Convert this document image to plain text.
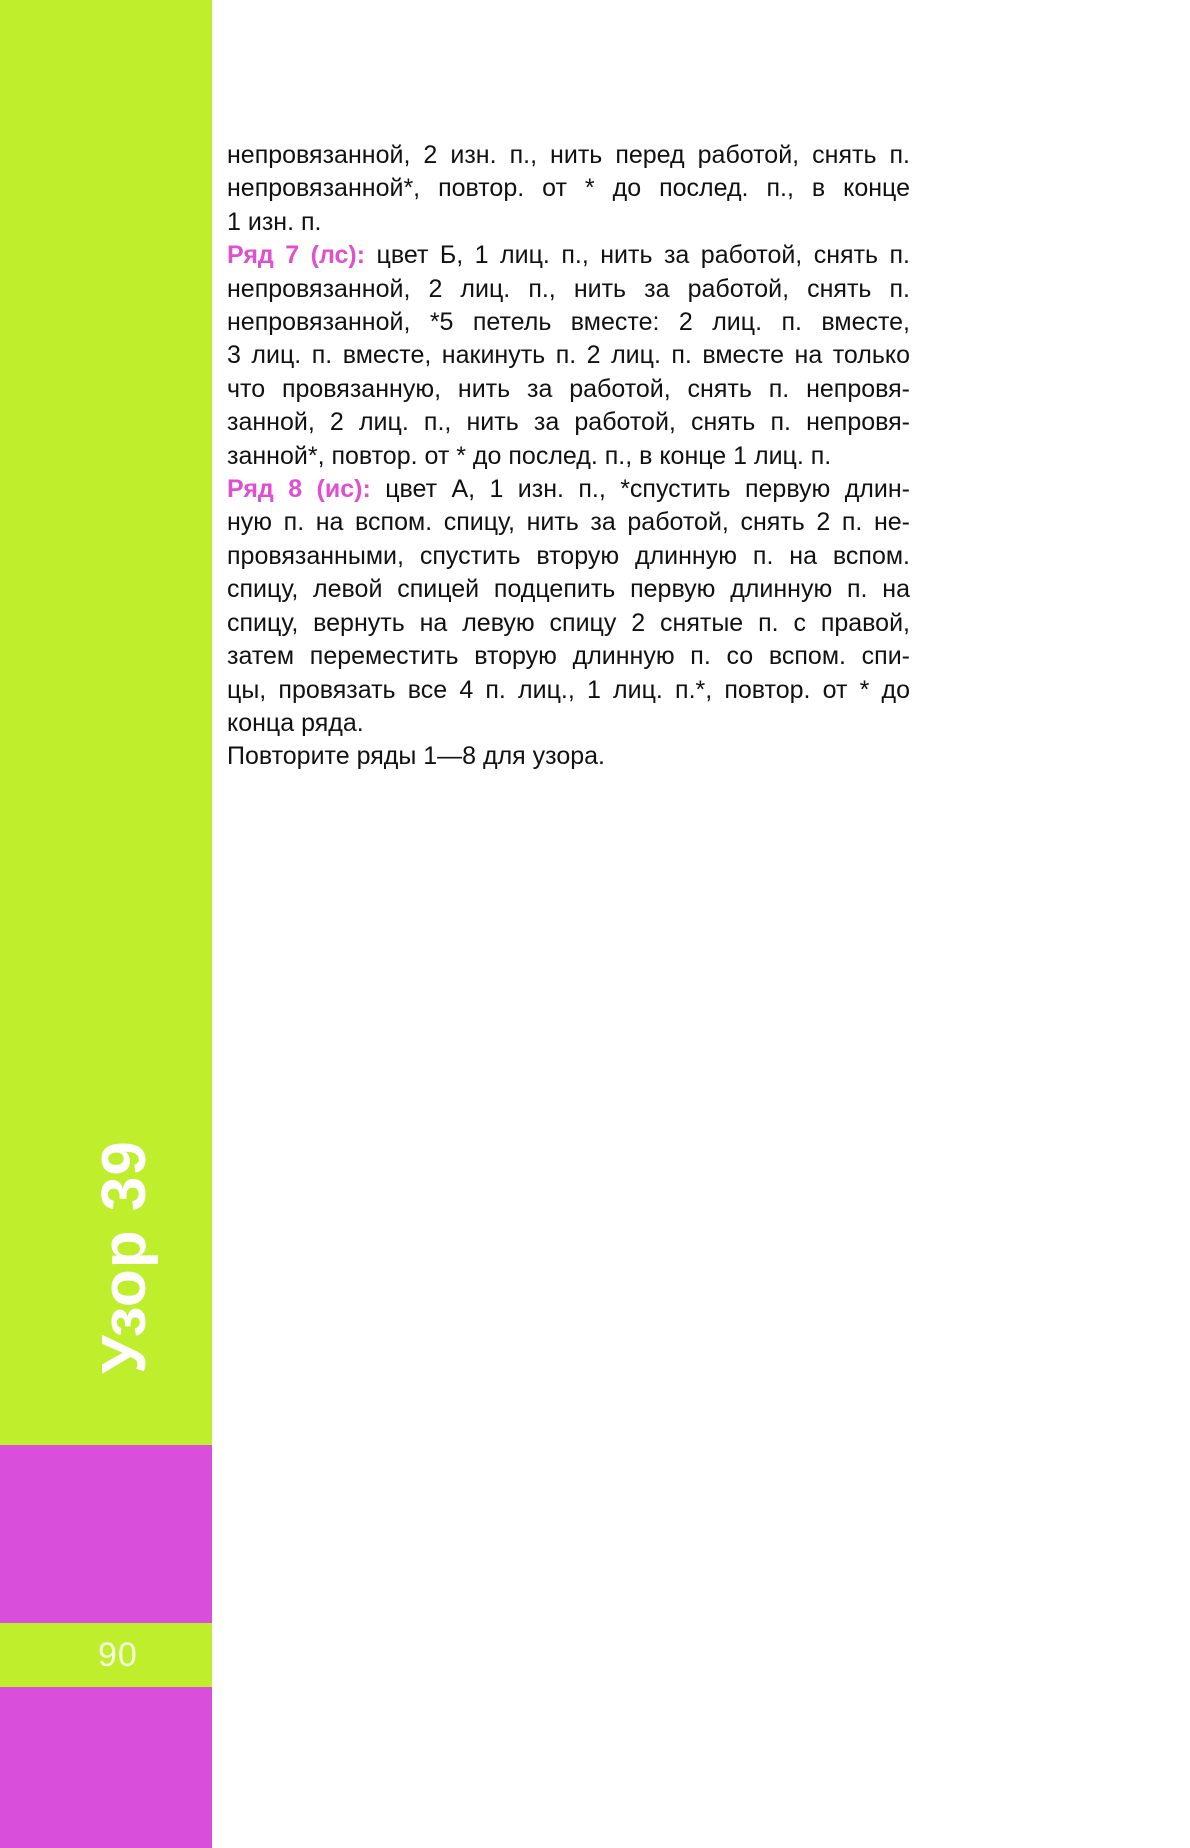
90
Узор 39
непровязанной, 2 изн. п., нить перед работой, снять п.
непровязанной*, повтор. от * до послед. п., в конце
1 изн. п.
Ряд 7 (лс): цвет Б, 1 лиц. п., нить за работой, снять п.
непровязанной, 2 лиц. п., нить за работой, снять п.
непровязанной, *5 петель вместе: 2 лиц. п. вместе,
3 лиц. п. вместе, накинуть п. 2 лиц. п. вместе на только
что провязанную, нить за работой, снять п. непровя-
занной, 2 лиц. п., нить за работой, снять п. непровя-
занной*, повтор. от * до послед. п., в конце 1 лиц. п.
Ряд 8 (ис): цвет А, 1 изн. п., *спустить первую длин-
ную п. на вспом. спицу, нить за работой, снять 2 п. не-
провязанными, спустить вторую длинную п. на вспом.
спицу, левой спицей подцепить первую длинную п. на
спицу, вернуть на левую спицу 2 снятые п. с правой,
затем переместить вторую длинную п. со вспом. спи-
цы, провязать все 4 п. лиц., 1 лиц. п.*, повтор. от * до
конца ряда.
Повторите ряды 1—8 для узора.
